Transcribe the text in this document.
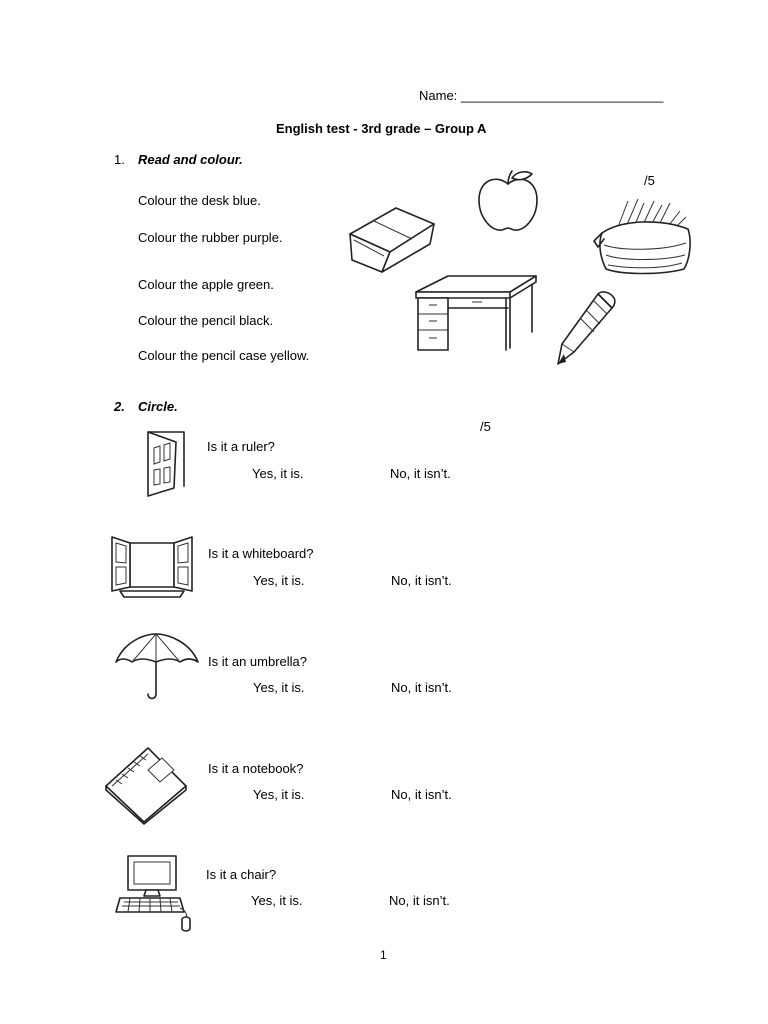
Name: ____________________________
English test - 3rd grade – Group A
1. Read and colour.
/5
Colour the desk blue.
Colour the rubber purple.
Colour the apple green.
Colour the pencil black.
Colour the pencil case yellow.
2. Circle.
/5
Is it a ruler?
Yes, it is.	No, it isn’t.
Is it a whiteboard?
Yes, it is.	No, it isn’t.
Is it an umbrella?
Yes, it is.	No, it isn’t.
Is it a notebook?
Yes, it is.	No, it isn’t.
Is it a chair?
Yes, it is.	No, it isn’t.
1
